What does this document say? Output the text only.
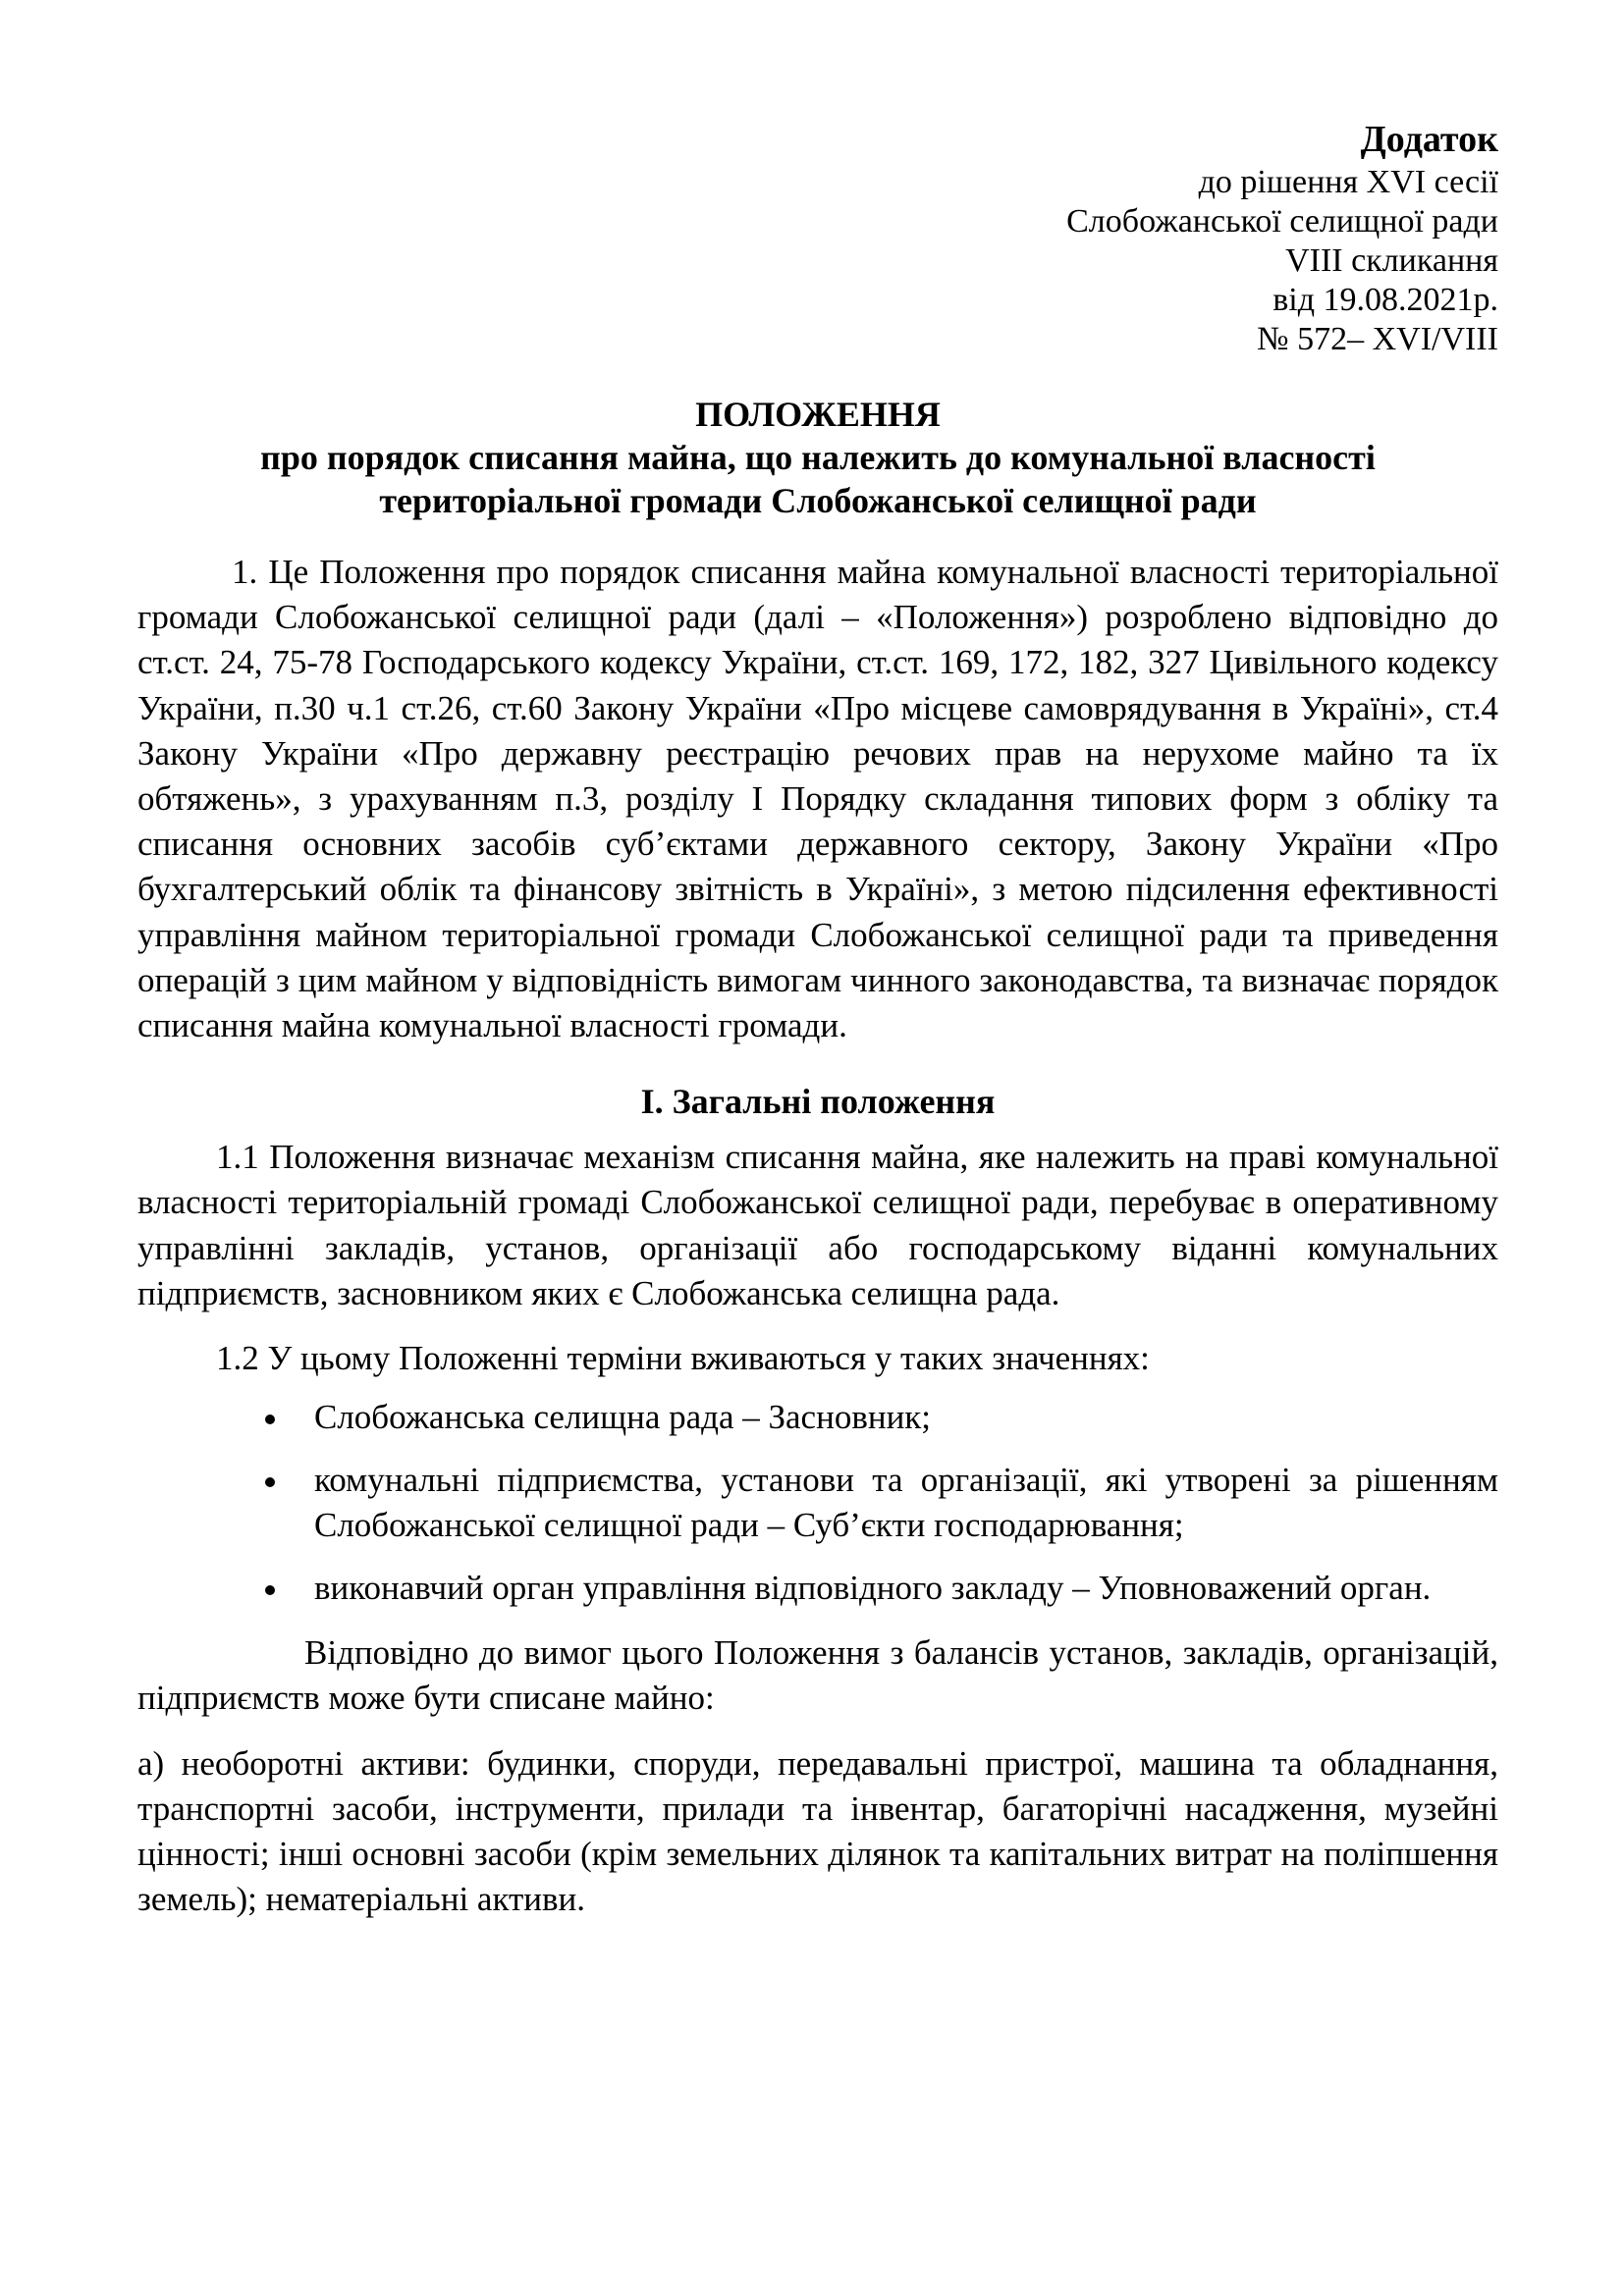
Додаток
до рішення XVI сесії
Слобожанської селищної ради
VIII скликання
від 19.08.2021р.
№ 572– XVI/VIII
ПОЛОЖЕННЯ
про порядок списання майна, що належить до комунальної власності
територіальної громади Слобожанської селищної ради

1. Це Положення про порядок списання майна комунальної власності територіальної громади Слобожанської селищної ради (далі – «Положення») розроблено відповідно до ст.ст. 24, 75-78 Господарського кодексу України, ст.ст. 169, 172, 182, 327 Цивільного кодексу України, п.30 ч.1 ст.26, ст.60 Закону України «Про місцеве самоврядування в Україні», ст.4 Закону України «Про державну реєстрацію речових прав на нерухоме майно та їх обтяжень», з урахуванням п.3, розділу I Порядку складання типових форм з обліку та списання основних засобів суб’єктами державного сектору, Закону України «Про бухгалтерський облік та фінансову звітність в Україні», з метою підсилення ефективності управління майном територіальної громади Слобожанської селищної ради та приведення операцій з цим майном у відповідність вимогам чинного законодавства, та визначає порядок списання майна комунальної власності громади.

І. Загальні положення

1.1 Положення визначає механізм списання майна, яке належить на праві комунальної власності територіальній громаді Слобожанської селищної ради, перебуває в оперативному управлінні закладів, установ, організації або господарському віданні комунальних підприємств, засновником яких є Слобожанська селищна рада.

1.2 У цьому Положенні терміни вживаються у таких значеннях:

Слобожанська селищна рада – Засновник;
комунальні підприємства, установи та організації, які утворені за рішенням Слобожанської селищної ради – Суб’єкти господарювання;
виконавчий орган управління відповідного закладу – Уповноважений орган.

Відповідно до вимог цього Положення з балансів установ, закладів, організацій, підприємств може бути списане майно:

а) необоротні активи: будинки, споруди, передавальні пристрої, машина та обладнання, транспортні засоби, інструменти, прилади та інвентар, багаторічні насадження, музейні цінності; інші основні засоби (крім земельних ділянок та капітальних витрат на поліпшення земель); нематеріальні активи.
